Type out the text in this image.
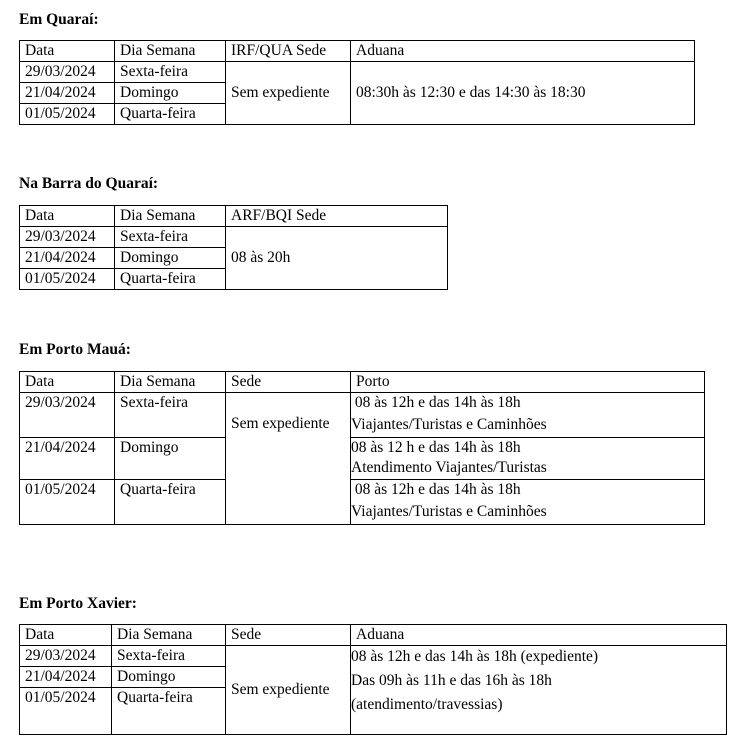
Em Quaraí:

Data	Dia Semana	IRF/QUA Sede	Aduana
29/03/2024	Sexta-feira	Sem expediente	08:30h às 12:30 e das 14:30 às 18:30
21/04/2024	Domingo		
01/05/2024	Quarta-feira		

Na Barra do Quaraí:

Data	Dia Semana	ARF/BQI Sede
29/03/2024	Sexta-feira	08 às 20h
21/04/2024	Domingo	
01/05/2024	Quarta-feira	

Em Porto Mauá:

Data	Dia Semana	Sede	Porto
29/03/2024	Sexta-feira	Sem expediente	08 às 12h e das 14h às 18h
Viajantes/Turistas e Caminhões

21/04/2024	Domingo		08 às 12 h e das 14h às 18h
Atendimento Viajantes/Turistas

01/05/2024	Quarta-feira		08 às 12h e das 14h às 18h
Viajantes/Turistas e Caminhões

Em Porto Xavier:

Data	Dia Semana	Sede	Aduana
29/03/2024	Sexta-feira	Sem expediente	08 às 12h e das 14h às 18h (expediente)
Das 09h às 11h e das 16h às 18h
(atendimento/travessias)

21/04/2024	Domingo		
01/05/2024	Quarta-feira		
